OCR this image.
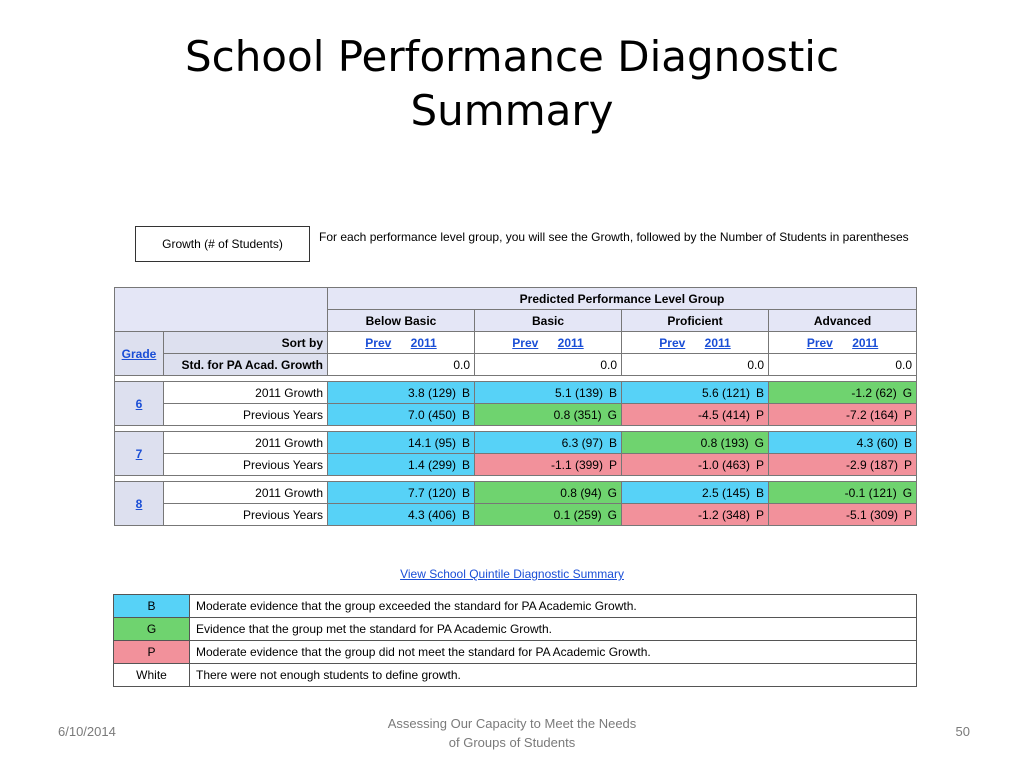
School Performance Diagnostic
Summary
Growth (# of Students)	For each performance level group, you will see the Growth, followed by the Number of Students in parentheses
		Predicted Performance Level Group			
		Below Basic	Basic	Proficient	Advanced
Grade	Sort by	Prev 2011	Prev 2011	Prev 2011	Prev 2011
	Std. for PA Acad. Growth	0.0	0.0	0.0	0.0

6	2011 Growth	3.8 (129) B	5.1 (139) B	5.6 (121) B	-1.2 (62) G

	Previous Years	7.0 (450) B	0.8 (351) G	-4.5 (414) P	-7.2 (164) P

7	2011 Growth	14.1 (95) B	6.3 (97) B	0.8 (193) G	4.3 (60) B

	Previous Years	1.4 (299) B	-1.1 (399) P	-1.0 (463) P	-2.9 (187) P

8	2011 Growth	7.7 (120) B	0.8 (94) G	2.5 (145) B	-0.1 (121) G

	Previous Years	4.3 (406) B	0.1 (259) G	-1.2 (348) P	-5.1 (309) P
View School Quintile Diagnostic Summary
B	Moderate evidence that the group exceeded the standard for PA Academic Growth.
G	Evidence that the group met the standard for PA Academic Growth.
P	Moderate evidence that the group did not meet the standard for PA Academic Growth.
White	There were not enough students to define growth.
6/10/2014
Assessing Our Capacity to Meet the Needs
of Groups of Students
50
